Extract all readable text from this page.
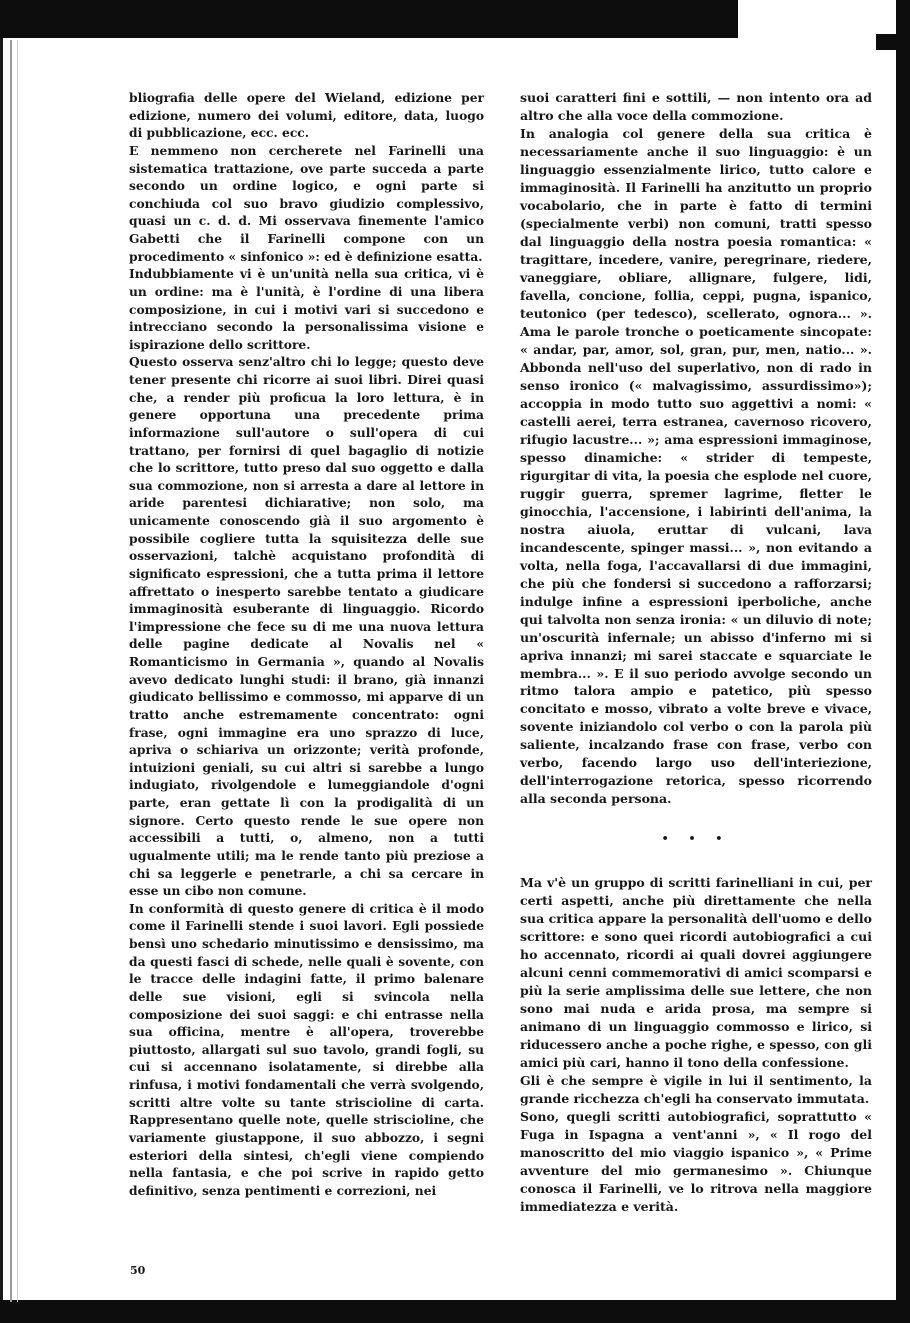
bliografia delle opere del Wieland, edizione per edizione, numero dei volumi, editore, data, luogo di pubblicazione, ecc. ecc.

E nemmeno non cercherete nel Farinelli una sistematica trattazione, ove parte succeda a parte secondo un ordine logico, e ogni parte si conchiuda col suo bravo giudizio complessivo, quasi un c. d. d. Mi osservava finemente l'amico Gabetti che il Farinelli compone con un procedimento « sinfonico »: ed è definizione esatta.

Indubbiamente vi è un'unità nella sua critica, vi è un ordine: ma è l'unità, è l'ordine di una libera composizione, in cui i motivi vari si succedono e intrecciano secondo la personalissima visione e ispirazione dello scrittore.

Questo osserva senz'altro chi lo legge; questo deve tener presente chi ricorre ai suoi libri. Direi quasi che, a render più proficua la loro lettura, è in genere opportuna una precedente prima informazione sull'autore o sull'opera di cui trattano, per fornirsi di quel bagaglio di notizie che lo scrittore, tutto preso dal suo oggetto e dalla sua commozione, non si arresta a dare al lettore in aride parentesi dichiarative; non solo, ma unicamente conoscendo già il suo argomento è possibile cogliere tutta la squisitezza delle sue osservazioni, talchè acquistano profondità di significato espressioni, che a tutta prima il lettore affrettato o inesperto sarebbe tentato a giudicare immaginosità esuberante di linguaggio. Ricordo l'impressione che fece su di me una nuova lettura delle pagine dedicate al Novalis nel « Romanticismo in Germania », quando al Novalis avevo dedicato lunghi studi: il brano, già innanzi giudicato bellissimo e commosso, mi apparve di un tratto anche estremamente concentrato: ogni frase, ogni immagine era uno sprazzo di luce, apriva o schiariva un orizzonte; verità profonde, intuizioni geniali, su cui altri si sarebbe a lungo indugiato, rivolgendole e lumeggiandole d'ogni parte, eran gettate lì con la prodigalità di un signore. Certo questo rende le sue opere non accessibili a tutti, o, almeno, non a tutti ugualmente utili; ma le rende tanto più preziose a chi sa leggerle e penetrarle, a chi sa cercare in esse un cibo non comune.

In conformità di questo genere di critica è il modo come il Farinelli stende i suoi lavori. Egli possiede bensì uno schedario minutissimo e densissimo, ma da questi fasci di schede, nelle quali è sovente, con le tracce delle indagini fatte, il primo balenare delle sue visioni, egli si svincola nella composizione dei suoi saggi: e chi entrasse nella sua officina, mentre è all'opera, troverebbe piuttosto, allargati sul suo tavolo, grandi fogli, su cui si accennano isolatamente, si direbbe alla rinfusa, i motivi fondamentali che verrà svolgendo, scritti altre volte su tante striscioline di carta. Rappresentano quelle note, quelle striscioline, che variamente giustappone, il suo abbozzo, i segni esteriori della sintesi, ch'egli viene compiendo nella fantasia, e che poi scrive in rapido getto definitivo, senza pentimenti e correzioni, nei

suoi caratteri fini e sottili, — non intento ora ad altro che alla voce della commozione.

In analogia col genere della sua critica è necessariamente anche il suo linguaggio: è un linguaggio essenzialmente lirico, tutto calore e immaginosità. Il Farinelli ha anzitutto un proprio vocabolario, che in parte è fatto di termini (specialmente verbi) non comuni, tratti spesso dal linguaggio della nostra poesia romantica: « tragittare, incedere, vanire, peregrinare, riedere, vaneggiare, obliare, allignare, fulgere, lidi, favella, concione, follia, ceppi, pugna, ispanico, teutonico (per tedesco), scellerato, ognora... ». Ama le parole tronche o poeticamente sincopate: « andar, par, amor, sol, gran, pur, men, natio... ». Abbonda nell'uso del superlativo, non di rado in senso ironico (« malvagissimo, assurdissimo»); accoppia in modo tutto suo aggettivi a nomi: « castelli aerei, terra estranea, cavernoso ricovero, rifugio lacustre... »; ama espressioni immaginose, spesso dinamiche: « strider di tempeste, rigurgitar di vita, la poesia che esplode nel cuore, ruggir guerra, spremer lagrime, fletter le ginocchia, l'accensione, i labirinti dell'anima, la nostra aiuola, eruttar di vulcani, lava incandescente, spinger massi... », non evitando a volta, nella foga, l'accavallarsi di due immagini, che più che fondersi si succedono a rafforzarsi; indulge infine a espressioni iperboliche, anche qui talvolta non senza ironia: « un diluvio di note; un'oscurità infernale; un abisso d'inferno mi si apriva innanzi; mi sarei staccate e squarciate le membra... ». E il suo periodo avvolge secondo un ritmo talora ampio e patetico, più spesso concitato e mosso, vibrato a volte breve e vivace, sovente iniziandolo col verbo o con la parola più saliente, incalzando frase con frase, verbo con verbo, facendo largo uso dell'interiezione, dell'interrogazione retorica, spesso ricorrendo alla seconda persona.

• • •

Ma v'è un gruppo di scritti farinelliani in cui, per certi aspetti, anche più direttamente che nella sua critica appare la personalità dell'uomo e dello scrittore: e sono quei ricordi autobiografici a cui ho accennato, ricordi ai quali dovrei aggiungere alcuni cenni commemorativi di amici scomparsi e più la serie amplissima delle sue lettere, che non sono mai nuda e arida prosa, ma sempre si animano di un linguaggio commosso e lirico, si riducessero anche a poche righe, e spesso, con gli amici più cari, hanno il tono della confessione.

Gli è che sempre è vigile in lui il sentimento, la grande ricchezza ch'egli ha conservato immutata.

Sono, quegli scritti autobiografici, soprattutto « Fuga in Ispagna a vent'anni », « Il rogo del manoscritto del mio viaggio ispanico », « Prime avventure del mio germanesimo ». Chiunque conosca il Farinelli, ve lo ritrova nella maggiore immediatezza e verità.

50
